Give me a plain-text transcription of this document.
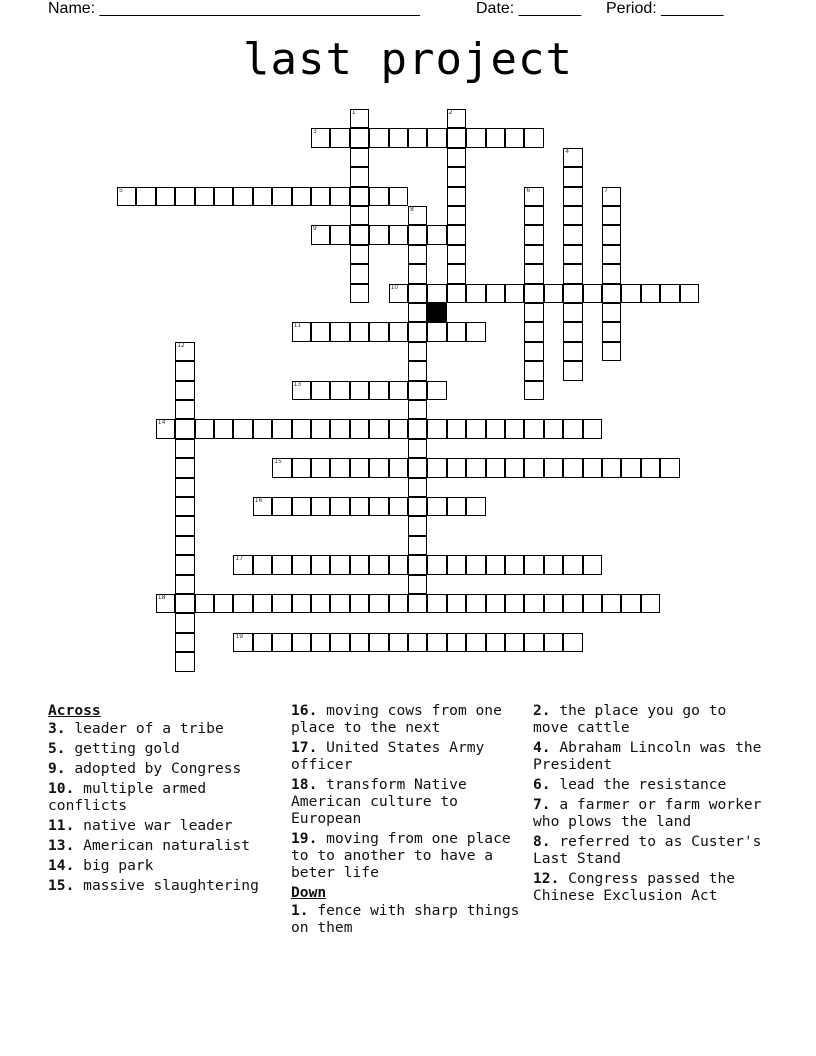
Name: ____________________________________	Date: _______ Period: _______
last project
1	2
3
4
5	6	7
8
9
10
11
12
13
14
15
16
17
18
19
Across
3. leader of a tribe
5. getting gold
9. adopted by Congress
10. multiple armed conflicts
11. native war leader
13. American naturalist
14. big park
15. massive slaughtering
16. moving cows from one place to the next
17. United States Army officer
18. transform Native American culture to European
19. moving from one place to to another to have a beter life
Down
1. fence with sharp things on them
2. the place you go to move cattle
4. Abraham Lincoln was the President
6. lead the resistance
7. a farmer or farm worker who plows the land
8. referred to as Custer's Last Stand
12. Congress passed the Chinese Exclusion Act
